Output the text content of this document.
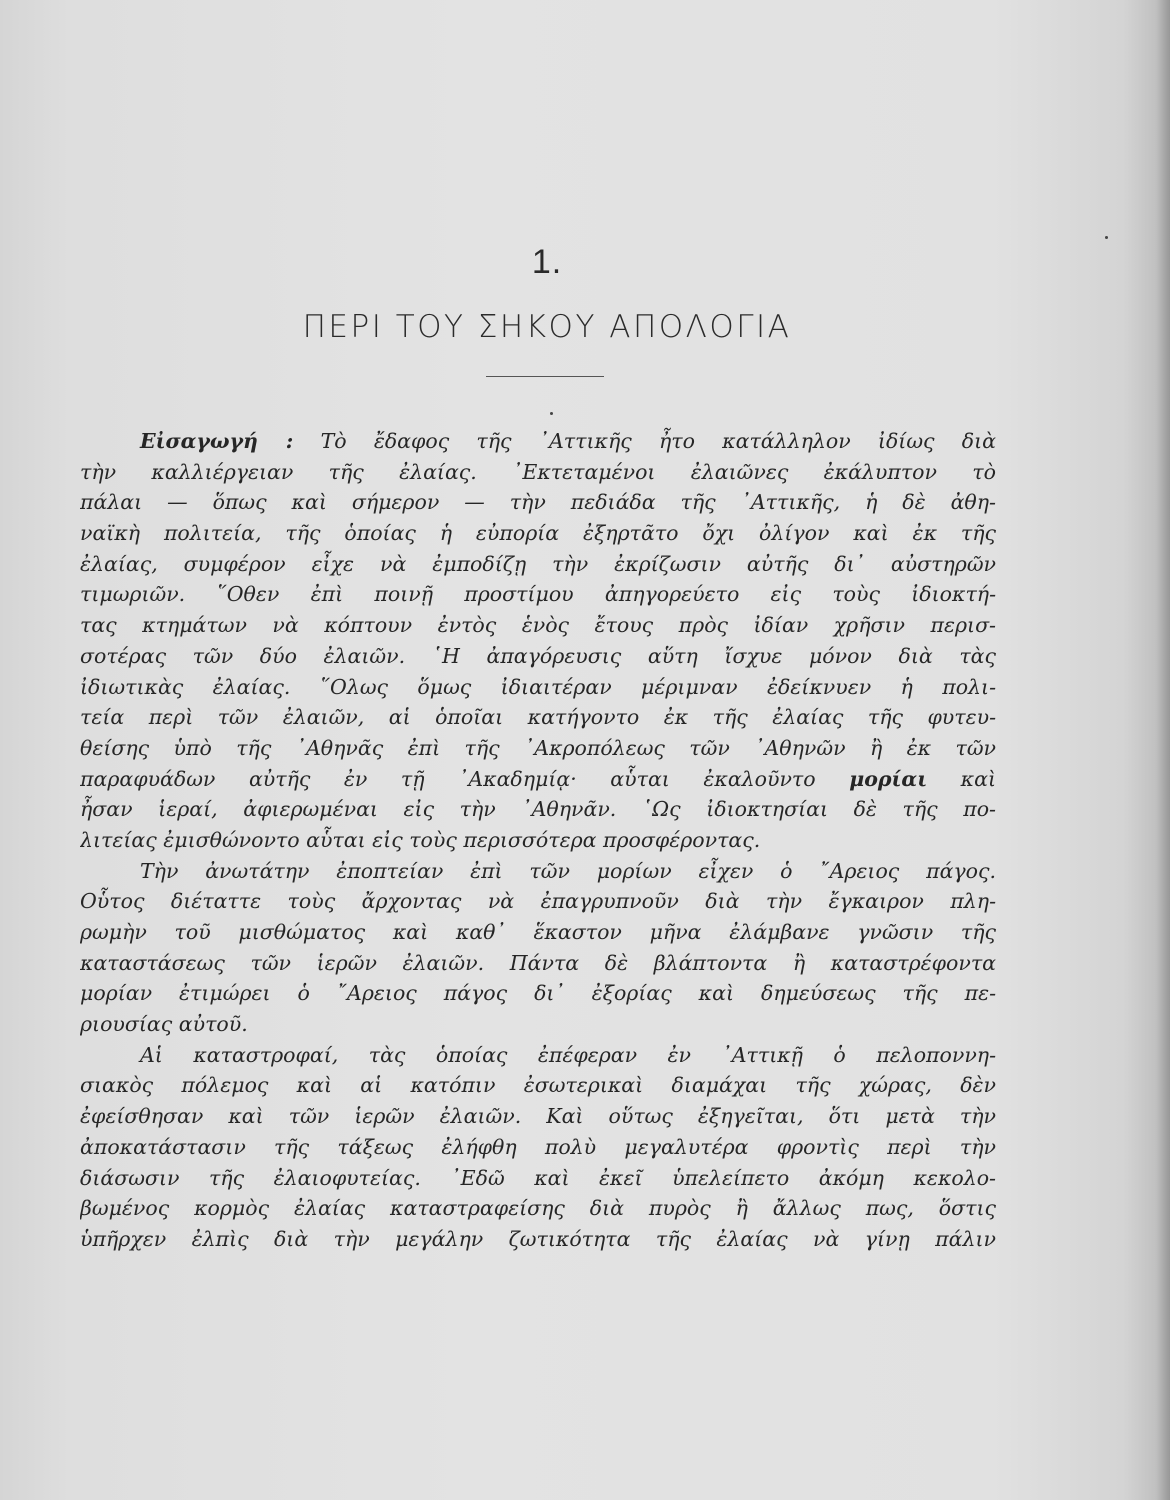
1.
ΠΕΡΙ ΤΟΥ ΣΗΚΟΥ ΑΠΟΛΟΓΙΑ
Εἰσαγωγή : Τὸ ἔδαφος τῆς ᾿Αττικῆς ἦτο κατάλληλον ἰδίως διὰ
τὴν καλλιέργειαν τῆς ἐλαίας. ᾿Εκτεταμένοι ἐλαιῶνες ἐκάλυπτον τὸ
πάλαι — ὅπως καὶ σήμερον — τὴν πεδιάδα τῆς ᾿Αττικῆς, ἡ δὲ ἀθη-
ναϊκὴ πολιτεία, τῆς ὁποίας ἡ εὐπορία ἐξηρτᾶτο ὄχι ὀλίγον καὶ ἐκ τῆς
ἐλαίας, συμφέρον εἶχε νὰ ἐμποδίζῃ τὴν ἐκρίζωσιν αὐτῆς δι᾿ αὐστηρῶν
τιμωριῶν. ῞Οθεν ἐπὶ ποινῇ προστίμου ἀπηγορεύετο εἰς τοὺς ἰδιοκτή-
τας κτημάτων νὰ κόπτουν ἐντὸς ἑνὸς ἔτους πρὸς ἰδίαν χρῆσιν περισ-
σοτέρας τῶν δύο ἐλαιῶν. ῾Η ἀπαγόρευσις αὕτη ἴσχυε μόνον διὰ τὰς
ἰδιωτικὰς ἐλαίας. ῞Ολως ὅμως ἰδιαιτέραν μέριμναν ἐδείκνυεν ἡ πολι-
τεία περὶ τῶν ἐλαιῶν, αἱ ὁποῖαι κατήγοντο ἐκ τῆς ἐλαίας τῆς φυτευ-
θείσης ὑπὸ τῆς ᾿Αθηνᾶς ἐπὶ τῆς ᾿Ακροπόλεως τῶν ᾿Αθηνῶν ἢ ἐκ τῶν
παραφυάδων αὐτῆς ἐν τῇ ᾿Ακαδημίᾳ· αὗται ἐκαλοῦντο μορίαι καὶ
ἦσαν ἱεραί, ἀφιερωμέναι εἰς τὴν ᾿Αθηνᾶν. ῾Ως ἰδιοκτησίαι δὲ τῆς πο-
λιτείας ἐμισθώνοντο αὗται εἰς τοὺς περισσότερα προσφέροντας.
Τὴν ἀνωτάτην ἐποπτείαν ἐπὶ τῶν μορίων εἶχεν ὁ ῎Αρειος πάγος.
Οὗτος διέταττε τοὺς ἄρχοντας νὰ ἐπαγρυπνοῦν διὰ τὴν ἔγκαιρον πλη-
ρωμὴν τοῦ μισθώματος καὶ καθ᾿ ἕκαστον μῆνα ἐλάμβανε γνῶσιν τῆς
καταστάσεως τῶν ἱερῶν ἐλαιῶν. Πάντα δὲ βλάπτοντα ἢ καταστρέφοντα
μορίαν ἐτιμώρει ὁ ῎Αρειος πάγος δι᾿ ἐξορίας καὶ δημεύσεως τῆς πε-
ριουσίας αὐτοῦ.
Αἱ καταστροφαί, τὰς ὁποίας ἐπέφεραν ἐν ᾿Αττικῇ ὁ πελοποννη-
σιακὸς πόλεμος καὶ αἱ κατόπιν ἐσωτερικαὶ διαμάχαι τῆς χώρας, δὲν
ἐφείσθησαν καὶ τῶν ἱερῶν ἐλαιῶν. Καὶ οὕτως ἐξηγεῖται, ὅτι μετὰ τὴν
ἀποκατάστασιν τῆς τάξεως ἐλήφθη πολὺ μεγαλυτέρα φροντὶς περὶ τὴν
διάσωσιν τῆς ἐλαιοφυτείας. ᾿Εδῶ καὶ ἐκεῖ ὑπελείπετο ἀκόμη κεκολο-
βωμένος κορμὸς ἐλαίας καταστραφείσης διὰ πυρὸς ἢ ἄλλως πως, ὅστις
ὑπῆρχεν ἐλπὶς διὰ τὴν μεγάλην ζωτικότητα τῆς ἐλαίας νὰ γίνῃ πάλιν
